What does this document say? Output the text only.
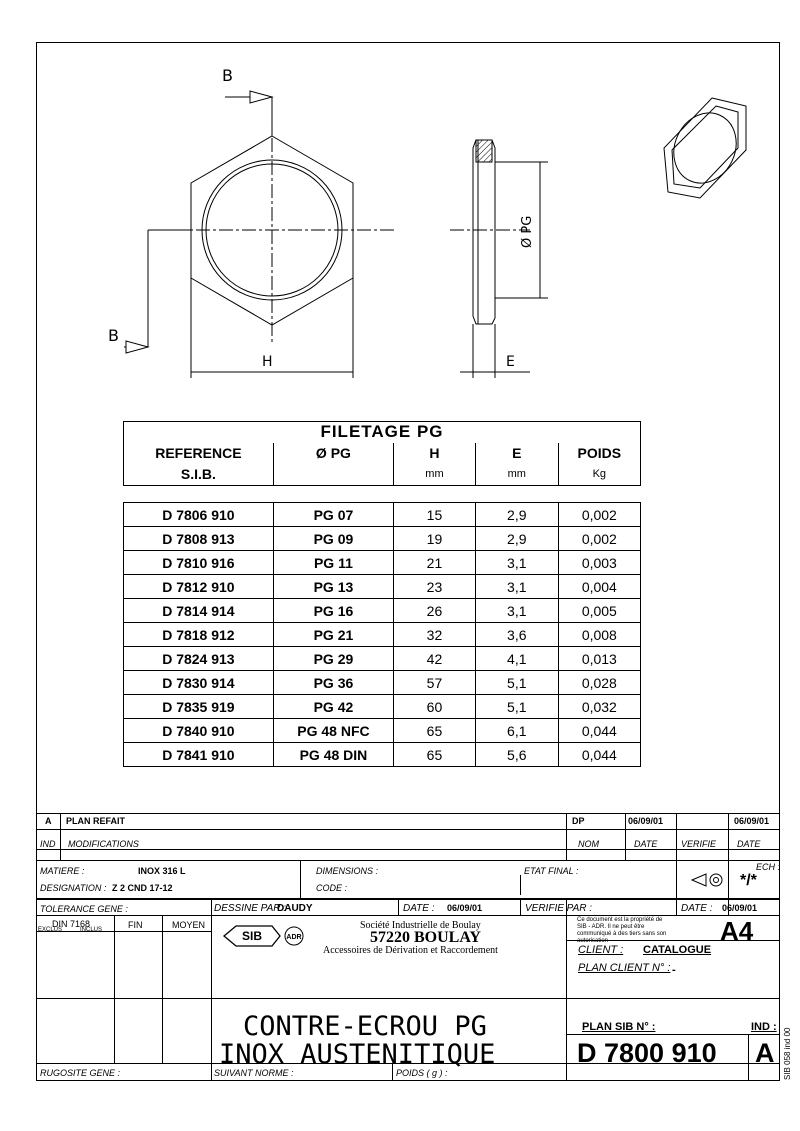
B
B
H	E
Ø PG
FILETAGE PG				
REFERENCE	Ø PG	H	E	POIDS
S.I.B.		mm	mm	Kg

D 7806 910	PG 07	15	2,9	0,002
D 7808 913	PG 09	19	2,9	0,002
D 7810 916	PG 11	21	3,1	0,003
D 7812 910	PG 13	23	3,1	0,004
D 7814 914	PG 16	26	3,1	0,005
D 7818 912	PG 21	32	3,6	0,008
D 7824 913	PG 29	42	4,1	0,013
D 7830 914	PG 36	57	5,1	0,028
D 7835 919	PG 42	60	5,1	0,032
D 7840 910	PG 48 NFC	65	6,1	0,044
D 7841 910	PG 48 DIN	65	5,6	0,044
A PLAN REFAIT	DP	06/09/01	06/09/01
IND MODIFICATIONS	NOM	DATE	VERIFIE DATE
MATIERE :	INOX 316 L
DESIGNATION : Z 2 CND 17-12
DIMENSIONS :
CODE :
ETAT FINAL :	ECH :
*/*
TOLERANCE GENE :	DESSINE PAR :
DAUDY	DATE : 06/09/01	VERIFIE PAR :	DATE : 06/09/01
DIN 7168
EXCLUS	INCLUS	FIN	MOYEN
SIB	ADR
Société Industrielle de Boulay
57220 BOULAY
Accessoires de Dérivation et Raccordement
Ce document est la propriété de
SIB - ADR. Il ne peut être
communiqué à des tiers sans son
autorisation	A4
CLIENT : CATALOGUE
PLAN CLIENT N° : -
CONTRE-ECROU PG
INOX AUSTENITIQUE
PLAN SIB N° :	IND :
D 7800 910 A
RUGOSITE GENE :	SUIVANT NORME :	POIDS ( g ) :	SIB 058 ind 00
